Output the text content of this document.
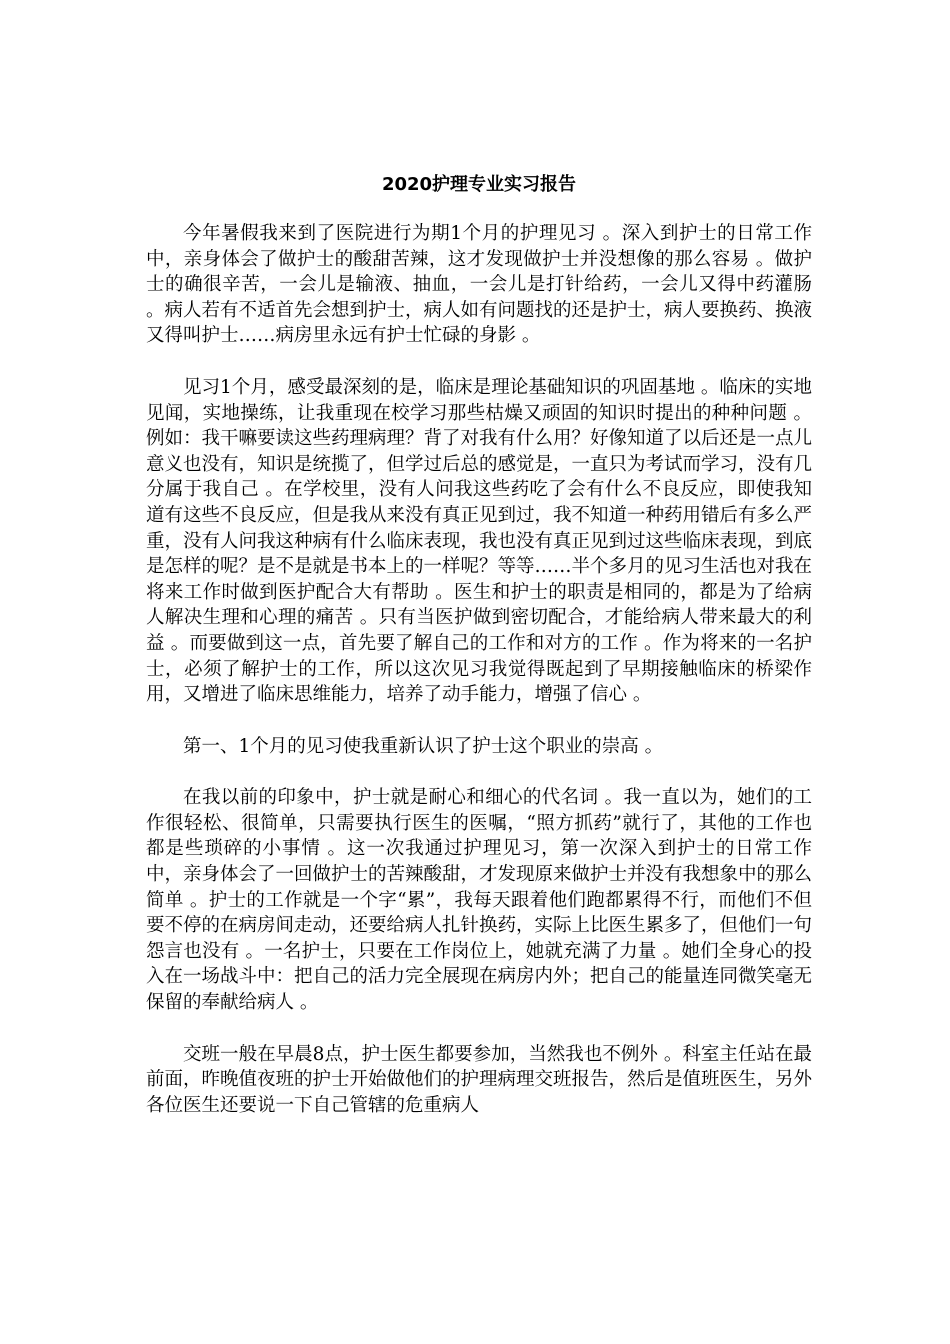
2020护理专业实习报告

今年暑假我来到了医院进行为期1个月的护理见习 。深入到护士的日常工作中，亲身体会了做护士的酸甜苦辣，这才发现做护士并没想像的那么容易 。做护士的确很辛苦，一会儿是输液、抽血，一会儿是打针给药，一会儿又得中药灌肠 。病人若有不适首先会想到护士，病人如有问题找的还是护士，病人要换药、换液又得叫护士……病房里永远有护士忙碌的身影 。

见习1个月，感受最深刻的是，临床是理论基础知识的巩固基地 。临床的实地见闻，实地操练，让我重现在校学习那些枯燥又顽固的知识时提出的种种问题 。例如：我干嘛要读这些药理病理？背了对我有什么用？好像知道了以后还是一点儿意义也没有，知识是统揽了，但学过后总的感觉是，一直只为考试而学习，没有几分属于我自己 。在学校里，没有人问我这些药吃了会有什么不良反应，即使我知道有这些不良反应，但是我从来没有真正见到过，我不知道一种药用错后有多么严重，没有人问我这种病有什么临床表现，我也没有真正见到过这些临床表现，到底是怎样的呢？是不是就是书本上的一样呢？等等……半个多月的见习生活也对我在将来工作时做到医护配合大有帮助 。医生和护士的职责是相同的，都是为了给病人解决生理和心理的痛苦 。只有当医护做到密切配合，才能给病人带来最大的利益 。而要做到这一点，首先要了解自己的工作和对方的工作 。作为将来的一名护士，必须了解护士的工作，所以这次见习我觉得既起到了早期接触临床的桥梁作用，又增进了临床思维能力，培养了动手能力，增强了信心 。

第一、1个月的见习使我重新认识了护士这个职业的崇高 。

在我以前的印象中，护士就是耐心和细心的代名词 。我一直以为，她们的工作很轻松、很简单，只需要执行医生的医嘱，“照方抓药”就行了，其他的工作也都是些琐碎的小事情 。这一次我通过护理见习，第一次深入到护士的日常工作中，亲身体会了一回做护士的苦辣酸甜，才发现原来做护士并没有我想象中的那么简单 。护士的工作就是一个字“累”，我每天跟着他们跑都累得不行，而他们不但要不停的在病房间走动，还要给病人扎针换药，实际上比医生累多了，但他们一句怨言也没有 。一名护士，只要在工作岗位上，她就充满了力量 。她们全身心的投入在一场战斗中：把自己的活力完全展现在病房内外；把自己的能量连同微笑毫无保留的奉献给病人 。

交班一般在早晨8点，护士医生都要参加，当然我也不例外 。科室主任站在最前面，昨晚值夜班的护士开始做他们的护理病理交班报告，然后是值班医生，另外各位医生还要说一下自己管辖的危重病人
